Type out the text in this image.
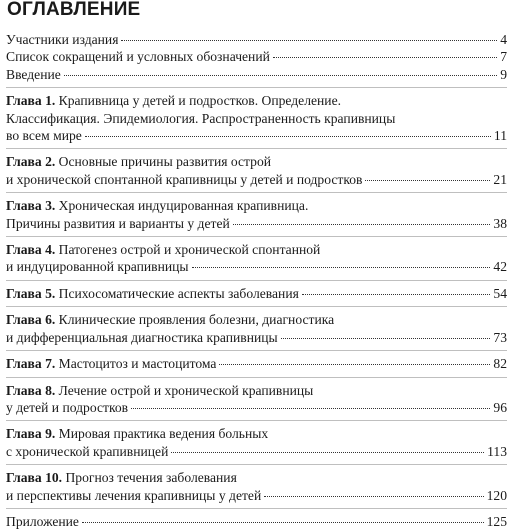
ОГЛАВЛЕНИЕ
Участники издания	4
Список сокращений и условных обозначений	7
Введение	9
Глава 1. Крапивница у детей и подростков. Определение.
Классификация. Эпидемиология. Распространенность крапивницы
во всем мире	11
Глава 2. Основные причины развития острой
и хронической спонтанной крапивницы у детей и подростков	21
Глава 3. Хроническая индуцированная крапивница.
Причины развития и варианты у детей	38
Глава 4. Патогенез острой и хронической спонтанной
и индуцированной крапивницы	42
Глава 5. Психосоматические аспекты заболевания	54
Глава 6. Клинические проявления болезни, диагностика
и дифференциальная диагностика крапивницы	73
Глава 7. Мастоцитоз и мастоцитома	82
Глава 8. Лечение острой и хронической крапивницы
у детей и подростков	96
Глава 9. Мировая практика ведения больных
с хронической крапивницей	113
Глава 10. Прогноз течения заболевания
и перспективы лечения крапивницы у детей	120
Приложение	125
